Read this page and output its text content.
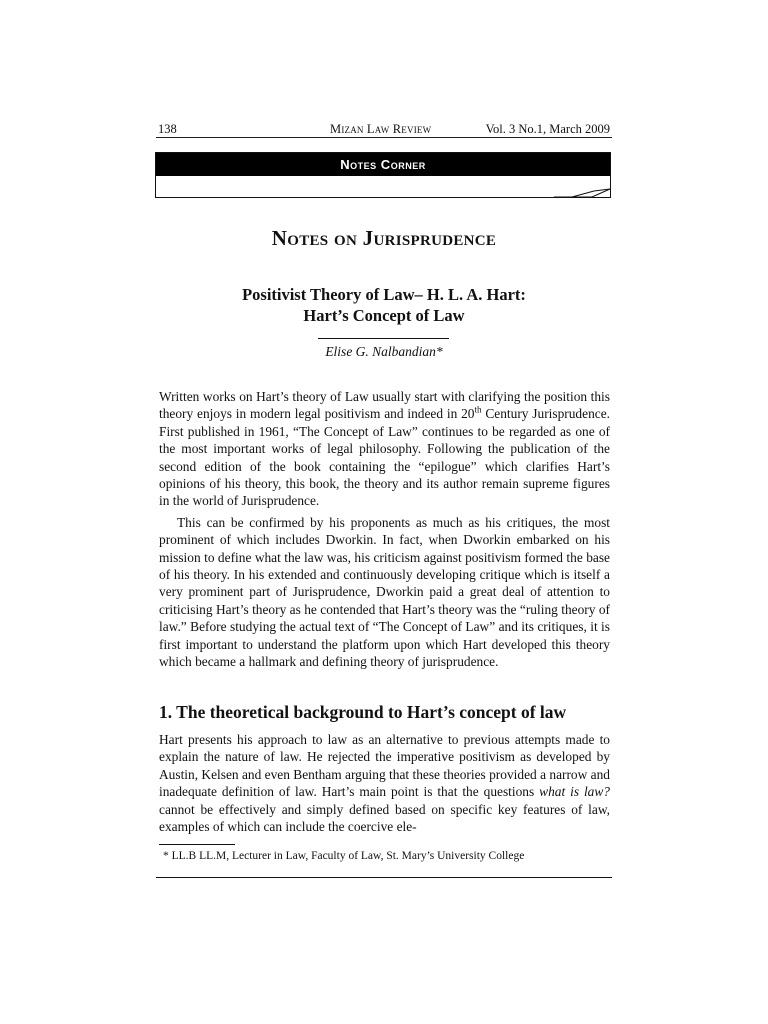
138	Mizan Law Review	Vol. 3 No.1, March 2009
Notes Corner
Notes on Jurisprudence
Positivist Theory of Law– H. L. A. Hart:
Hart’s Concept of Law
Elise G. Nalbandian*

Written works on Hart’s theory of Law usually start with clarifying the position this theory enjoys in modern legal positivism and indeed in 20th Century Jurisprudence. First published in 1961, “The Concept of Law” continues to be regarded as one of the most important works of legal philosophy. Following the publication of the second edition of the book containing the “epilogue” which clarifies Hart’s opinions of his theory, this book, the theory and its author remain supreme figures in the world of Jurisprudence.

This can be confirmed by his proponents as much as his critiques, the most prominent of which includes Dworkin. In fact, when Dworkin embarked on his mission to define what the law was, his criticism against positivism formed the base of his theory. In his extended and continuously developing critique which is itself a very prominent part of Jurisprudence, Dworkin paid a great deal of attention to criticising Hart’s theory as he contended that Hart’s theory was the “ruling theory of law.” Before studying the actual text of “The Concept of Law” and its critiques, it is first important to understand the platform upon which Hart developed this theory which became a hallmark and defining theory of jurisprudence.

1. The theoretical background to Hart’s concept of law

Hart presents his approach to law as an alternative to previous attempts made to explain the nature of law. He rejected the imperative positivism as developed by Austin, Kelsen and even Bentham arguing that these theories provided a narrow and inadequate definition of law. Hart’s main point is that the questions what is law? cannot be effectively and simply defined based on specific key features of law, examples of which can include the coercive ele-

* LL.B LL.M, Lecturer in Law, Faculty of Law, St. Mary’s University College
